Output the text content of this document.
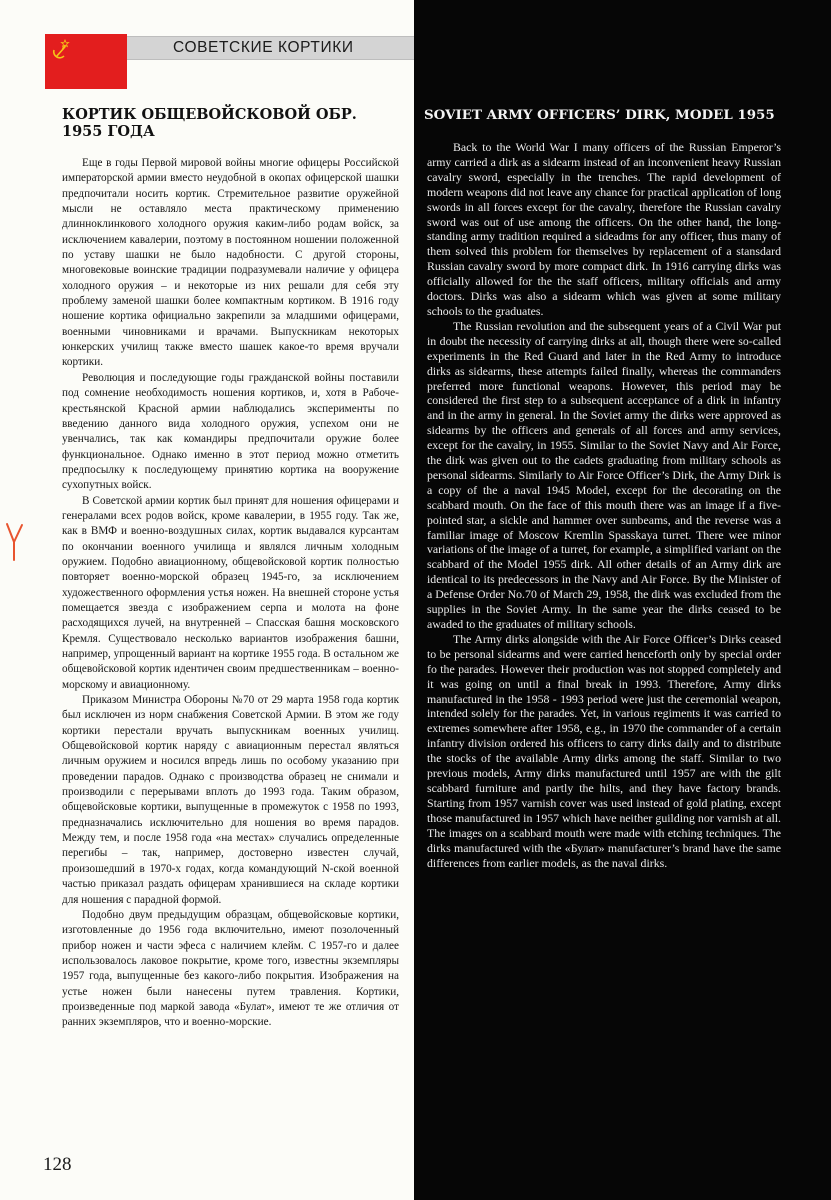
СОВЕТСКИЕ КОРТИКИ
КОРТИК ОБЩЕВОЙСКОВОЙ ОБР. 1955 ГОДА

Еще в годы Первой мировой войны многие офицеры Российской императорской армии вместо неудобной в окопах офицерской шашки предпочитали носить кортик. Стремительное развитие оружейной мысли не оставляло места практическому применению длинноклинкового холодного оружия каким-либо родам войск, за исключением кавалерии, поэтому в постоянном ношении положенной по уставу шашки не было надобности. С другой стороны, многовековые воинские традиции подразумевали наличие у офицера холодного оружия – и некоторые из них решали для себя эту проблему заменой шашки более компактным кортиком. В 1916 году ношение кортика официально закрепили за младшими офицерами, военными чиновниками и врачами. Выпускникам некоторых юнкерских училищ также вместо шашек какое-то время вручали кортики.

Революция и последующие годы гражданской войны поставили под сомнение необходимость ношения кортиков, и, хотя в Рабоче-крестьянской Красной армии наблюдались эксперименты по введению данного вида холодного оружия, успехом они не увенчались, так как командиры предпочитали оружие более функциональное. Однако именно в этот период можно отметить предпосылку к последующему принятию кортика на вооружение сухопутных войск.

В Советской армии кортик был принят для ношения офицерами и генералами всех родов войск, кроме кавалерии, в 1955 году. Так же, как в ВМФ и военно-воздушных силах, кортик выдавался курсантам по окончании военного училища и являлся личным холодным оружием. Подобно авиационному, общевойсковой кортик полностью повторяет военно-морской образец 1945-го, за исключением художественного оформления устья ножен. На внешней стороне устья помещается звезда с изображением серпа и молота на фоне расходящихся лучей, на внутренней – Спасская башня московского Кремля. Существовало несколько вариантов изображения башни, например, упрощенный вариант на кортике 1955 года. В остальном же общевойсковой кортик идентичен своим предшественникам – военно-морскому и авиационному.

Приказом Министра Обороны №70 от 29 марта 1958 года кортик был исключен из норм снабжения Советской Армии. В этом же году кортики перестали вручать выпускникам военных училищ. Общевойсковой кортик наряду с авиационным перестал являться личным оружием и носился впредь лишь по особому указанию при проведении парадов. Однако с производства образец не снимали и производили с перерывами вплоть до 1993 года. Таким образом, общевойсковые кортики, выпущенные в промежуток с 1958 по 1993, предназначались исключительно для ношения во время парадов. Между тем, и после 1958 года «на местах» случались определенные перегибы – так, например, достоверно известен случай, произошедший в 1970-х годах, когда командующий N-ской военной частью приказал раздать офицерам хранившиеся на складе кортики для ношения с парадной формой.

Подобно двум предыдущим образцам, общевойсковые кортики, изготовленные до 1956 года включительно, имеют позолоченный прибор ножен и части эфеса с наличием клейм. С 1957-го и далее использовалось лаковое покрытие, кроме того, известны экземпляры 1957 года, выпущенные без какого-либо покрытия. Изображения на устье ножен были нанесены путем травления. Кортики, произведенные под маркой завода «Булат», имеют те же отличия от ранних экземпляров, что и военно-морские.

128
SOVIET ARMY OFFICERS’ DIRK, MODEL 1955

Back to the World War I many officers of the Russian Emperor’s army carried a dirk as a sidearm instead of an inconvenient heavy Russian cavalry sword, especially in the trenches. The rapid development of modern weapons did not leave any chance for practical application of long swords in all forces except for the cavalry, therefore the Russian cavalry sword was out of use among the officers. On the other hand, the long-standing army tradition required a sideadms for any officer, thus many of them solved this problem for themselves by replacement of a stansdard Russian cavalry sword by more compact dirk. In 1916 carrying dirks was officially allowed for the the staff officers, military officials and army doctors. Dirks was also a sidearm which was given at some military schools to the graduates.

The Russian revolution and the subsequent years of a Civil War put in doubt the necessity of carrying dirks at all, though there were so-called experiments in the Red Guard and later in the Red Army to introduce dirks as sidearms, these attempts failed finally, whereas the commanders preferred more functional weapons. However, this period may be considered the first step to a subsequent acceptance of a dirk in infantry and in the army in general. In the Soviet army the dirks were approved as sidearms by the officers and generals of all forces and army services, except for the cavalry, in 1955. Similar to the Soviet Navy and Air Force, the dirk was given out to the cadets graduating from military schools as personal sidearms. Similarly to Air Force Officer’s Dirk, the Army Dirk is a copy of the a naval 1945 Model, except for the decorating on the scabbard mouth. On the face of this mouth there was an image if a five-pointed star, a sickle and hammer over sunbeams, and the reverse was a familiar image of Moscow Kremlin Spasskaya turret. There wee minor variations of the image of a turret, for example, a simplified variant on the scabbard of the Model 1955 dirk. All other details of an Army dirk are identical to its predecessors in the Navy and Air Force. By the Minister of a Defense Order No.70 of March 29, 1958, the dirk was excluded from the supplies in the Soviet Army. In the same year the dirks ceased to be awaded to the graduates of military schools.

The Army dirks alongside with the Air Force Officer’s Dirks ceased to be personal sidearms and were carried henceforth only by special order fo the parades. However their production was not stopped completely and it was going on until a final break in 1993. Therefore, Army dirks manufactured in the 1958 - 1993 period were just the ceremonial weapon, intended solely for the parades. Yet, in various regiments it was carried to extremes somewhere after 1958, e.g., in 1970 the commander of a certain infantry division ordered his officers to carry dirks daily and to distribute the stocks of the available Army dirks among the staff. Similar to two previous models, Army dirks manufactured until 1957 are with the gilt scabbard furniture and partly the hilts, and they have factory brands. Starting from 1957 varnish cover was used instead of gold plating, except those manufactured in 1957 which have neither guilding nor varnish at all. The images on a scabbard mouth were made with etching techniques. The dirks manufactured with the «Булат» manufacturer’s brand have the same differences from earlier models, as the naval dirks.
